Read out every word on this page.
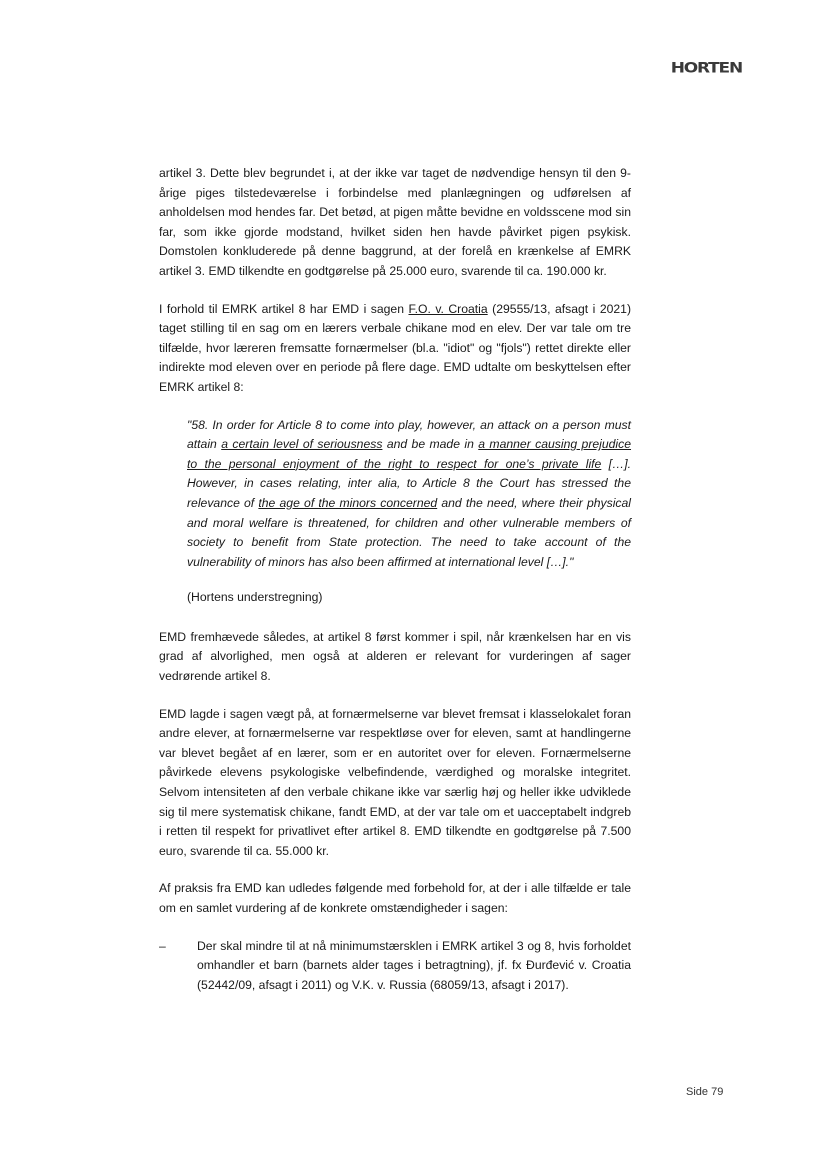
HORTEN

artikel 3. Dette blev begrundet i, at der ikke var taget de nødvendige hensyn til den 9-årige piges tilstedeværelse i forbindelse med planlægningen og udførelsen af anholdelsen mod hendes far. Det betød, at pigen måtte bevidne en voldsscene mod sin far, som ikke gjorde modstand, hvilket siden hen havde påvirket pigen psykisk. Domstolen konkluderede på denne baggrund, at der forelå en krænkelse af EMRK artikel 3. EMD tilkendte en godtgørelse på 25.000 euro, svarende til ca. 190.000 kr.

I forhold til EMRK artikel 8 har EMD i sagen F.O. v. Croatia (29555/13, afsagt i 2021) taget stilling til en sag om en lærers verbale chikane mod en elev. Der var tale om tre tilfælde, hvor læreren fremsatte fornærmelser (bl.a. "idiot" og "fjols") rettet direkte eller indirekte mod eleven over en periode på flere dage. EMD udtalte om beskyttelsen efter EMRK artikel 8:

"58. In order for Article 8 to come into play, however, an attack on a person must attain a certain level of seriousness and be made in a manner causing prejudice to the personal enjoyment of the right to respect for one’s private life […]. However, in cases relating, inter alia, to Article 8 the Court has stressed the relevance of the age of the minors concerned and the need, where their physical and moral welfare is threatened, for children and other vulnerable members of society to benefit from State protection. The need to take account of the vulnerability of minors has also been affirmed at international level […]."

(Hortens understregning)

EMD fremhævede således, at artikel 8 først kommer i spil, når krænkelsen har en vis grad af alvorlighed, men også at alderen er relevant for vurderingen af sager vedrørende artikel 8.

EMD lagde i sagen vægt på, at fornærmelserne var blevet fremsat i klasselokalet foran andre elever, at fornærmelserne var respektløse over for eleven, samt at handlingerne var blevet begået af en lærer, som er en autoritet over for eleven. Fornærmelserne påvirkede elevens psykologiske velbefindende, værdighed og moralske integritet. Selvom intensiteten af den verbale chikane ikke var særlig høj og heller ikke udviklede sig til mere systematisk chikane, fandt EMD, at der var tale om et uacceptabelt indgreb i retten til respekt for privatlivet efter artikel 8. EMD tilkendte en godtgørelse på 7.500 euro, svarende til ca. 55.000 kr.

Af praksis fra EMD kan udledes følgende med forbehold for, at der i alle tilfælde er tale om en samlet vurdering af de konkrete omstændigheder i sagen:

–	Der skal mindre til at nå minimumstærsklen i EMRK artikel 3 og 8, hvis forholdet omhandler et barn (barnets alder tages i betragtning), jf. fx Đurđević v. Croatia (52442/09, afsagt i 2011) og V.K. v. Russia (68059/13, afsagt i 2017).
Side 79
